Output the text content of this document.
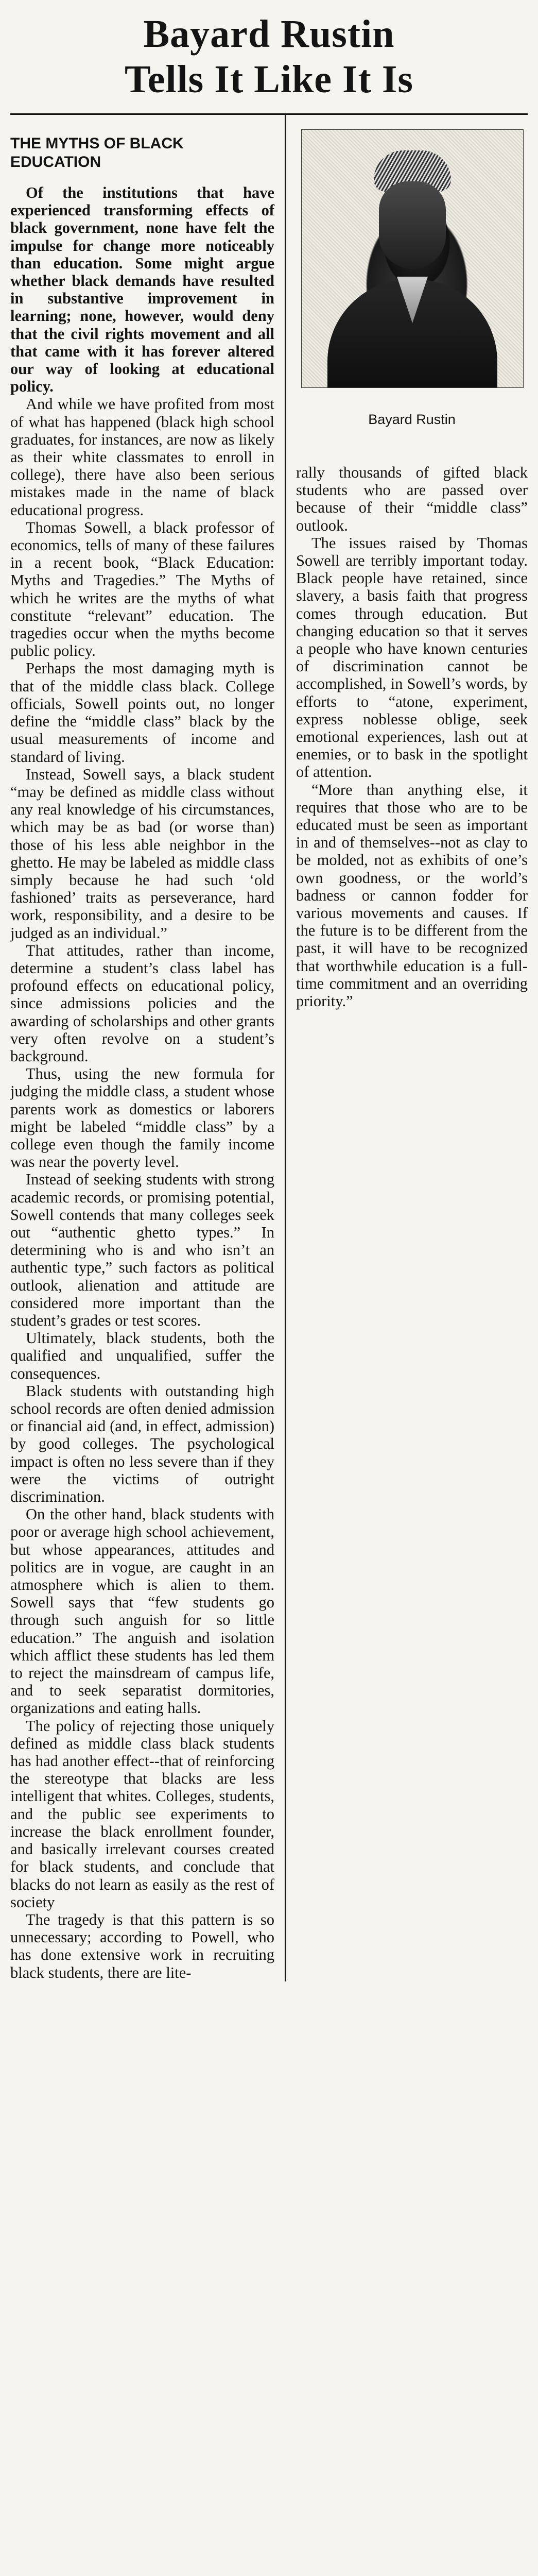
Bayard Rustin
Tells It Like It Is
THE MYTHS OF BLACK EDUCATION

Of the institutions that have experienced transforming effects of black government, none have felt the impulse for change more noticeably than education. Some might argue whether black demands have resulted in substantive improvement in learning; none, however, would deny that the civil rights movement and all that came with it has forever altered our way of looking at educational policy.

And while we have profited from most of what has happened (black high school graduates, for instances, are now as likely as their white classmates to enroll in college), there have also been serious mistakes made in the name of black educational progress.

Thomas Sowell, a black professor of economics, tells of many of these failures in a recent book, “Black Education: Myths and Tragedies.” The Myths of which he writes are the myths of what constitute “relevant” education. The tragedies occur when the myths become public policy.

Perhaps the most damaging myth is that of the middle class black. College officials, Sowell points out, no longer define the “middle class” black by the usual measurements of income and standard of living.

Instead, Sowell says, a black student “may be defined as middle class without any real knowledge of his circumstances, which may be as bad (or worse than) those of his less able neighbor in the ghetto. He may be labeled as middle class simply because he had such ‘old fashioned’ traits as perseverance, hard work, responsibility, and a desire to be judged as an individual.”

That attitudes, rather than income, determine a student’s class label has profound effects on educational policy, since admissions policies and the awarding of scholarships and other grants very often revolve on a student’s background.

Thus, using the new formula for judging the middle class, a student whose parents work as domestics or laborers might be labeled “middle class” by a college even though the family income was near the poverty level.

Instead of seeking students with strong academic records, or promising potential, Sowell contends that many colleges seek out “authentic ghetto types.” In determining who is and who isn’t an authentic type,” such factors as political outlook, alienation and attitude are considered more important than the student’s grades or test scores.

Ultimately, black students, both the qualified and unqualified, suffer the consequences.

Black students with outstanding high school records are often denied admission or financial aid (and, in effect, admission) by good colleges. The psychological impact is often no less severe than if they were the victims of outright discrimination.

On the other hand, black students with poor or average high school achievement, but whose appearances, attitudes and politics are in vogue, are caught in an atmosphere which is alien to them. Sowell says that “few students go through such anguish for so little education.” The anguish and isolation which afflict these students has led them to reject the mainsdream of campus life, and to seek separatist dormitories, organizations and eating halls.

The policy of rejecting those uniquely defined as middle class black students has had another effect--that of reinforcing the stereotype that blacks are less intelligent that whites. Colleges, students, and the public see experiments to increase the black enrollment founder, and basically irrelevant courses created for black students, and conclude that blacks do not learn as easily as the rest of society

The tragedy is that this pattern is so unnecessary; according to Powell, who has done extensive work in recruiting black students, there are lite-

Bayard Rustin

rally thousands of gifted black students who are passed over because of their “middle class” outlook.

The issues raised by Thomas Sowell are terribly important today. Black people have retained, since slavery, a basis faith that progress comes through education. But changing education so that it serves a people who have known centuries of discrimination cannot be accomplished, in Sowell’s words, by efforts to “atone, experiment, express noblesse oblige, seek emotional experiences, lash out at enemies, or to bask in the spotlight of attention.

“More than anything else, it requires that those who are to be educated must be seen as important in and of themselves--not as clay to be molded, not as exhibits of one’s own goodness, or the world’s badness or cannon fodder for various movements and causes. If the future is to be different from the past, it will have to be recognized that worthwhile education is a full-time commitment and an overriding priority.”
